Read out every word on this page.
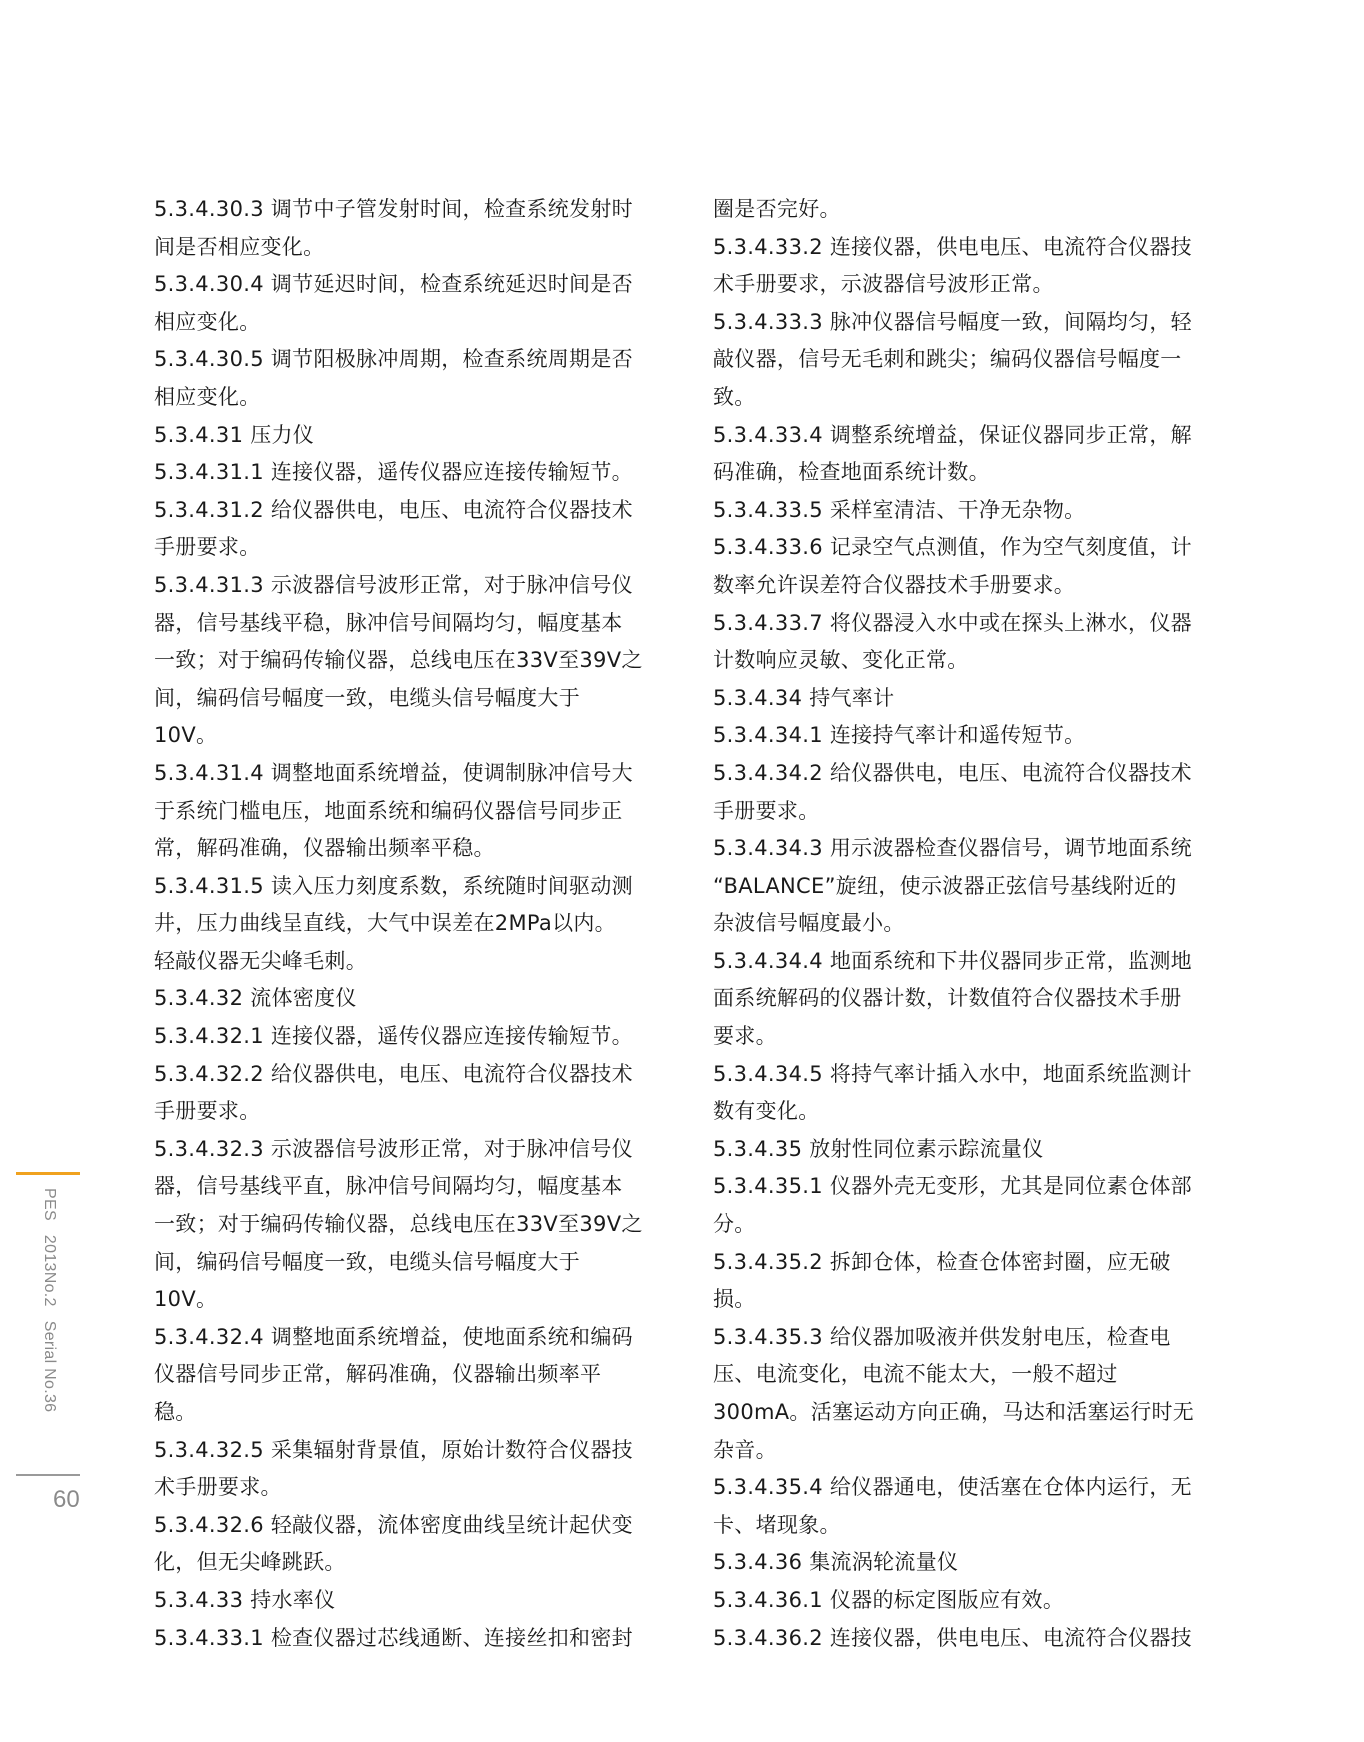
5.3.4.30.3 调节中子管发射时间，检查系统发射时

间是否相应变化。

5.3.4.30.4 调节延迟时间，检查系统延迟时间是否

相应变化。

5.3.4.30.5 调节阳极脉冲周期，检查系统周期是否

相应变化。

5.3.4.31 压力仪

5.3.4.31.1 连接仪器，遥传仪器应连接传输短节。

5.3.4.31.2 给仪器供电，电压、电流符合仪器技术

手册要求。

5.3.4.31.3 示波器信号波形正常，对于脉冲信号仪

器，信号基线平稳，脉冲信号间隔均匀，幅度基本

一致；对于编码传输仪器，总线电压在33V至39V之

间，编码信号幅度一致，电缆头信号幅度大于

10V。

5.3.4.31.4 调整地面系统增益，使调制脉冲信号大

于系统门槛电压，地面系统和编码仪器信号同步正

常，解码准确，仪器输出频率平稳。

5.3.4.31.5 读入压力刻度系数，系统随时间驱动测

井，压力曲线呈直线，大气中误差在2MPa以内。

轻敲仪器无尖峰毛刺。

5.3.4.32 流体密度仪

5.3.4.32.1 连接仪器，遥传仪器应连接传输短节。

5.3.4.32.2 给仪器供电，电压、电流符合仪器技术

手册要求。

5.3.4.32.3 示波器信号波形正常，对于脉冲信号仪

器，信号基线平直，脉冲信号间隔均匀，幅度基本

一致；对于编码传输仪器，总线电压在33V至39V之

间，编码信号幅度一致，电缆头信号幅度大于

10V。

5.3.4.32.4 调整地面系统增益，使地面系统和编码

仪器信号同步正常，解码准确，仪器输出频率平

稳。

5.3.4.32.5 采集辐射背景值，原始计数符合仪器技

术手册要求。

5.3.4.32.6 轻敲仪器，流体密度曲线呈统计起伏变

化，但无尖峰跳跃。

5.3.4.33 持水率仪

5.3.4.33.1 检查仪器过芯线通断、连接丝扣和密封

圈是否完好。

5.3.4.33.2 连接仪器，供电电压、电流符合仪器技

术手册要求，示波器信号波形正常。

5.3.4.33.3 脉冲仪器信号幅度一致，间隔均匀，轻

敲仪器，信号无毛刺和跳尖；编码仪器信号幅度一

致。

5.3.4.33.4 调整系统增益，保证仪器同步正常，解

码准确，检查地面系统计数。

5.3.4.33.5 采样室清洁、干净无杂物。

5.3.4.33.6 记录空气点测值，作为空气刻度值，计

数率允许误差符合仪器技术手册要求。

5.3.4.33.7 将仪器浸入水中或在探头上淋水，仪器

计数响应灵敏、变化正常。

5.3.4.34 持气率计

5.3.4.34.1 连接持气率计和遥传短节。

5.3.4.34.2 给仪器供电，电压、电流符合仪器技术

手册要求。

5.3.4.34.3 用示波器检查仪器信号，调节地面系统

“BALANCE”旋纽，使示波器正弦信号基线附近的

杂波信号幅度最小。

5.3.4.34.4 地面系统和下井仪器同步正常，监测地

面系统解码的仪器计数，计数值符合仪器技术手册

要求。

5.3.4.34.5 将持气率计插入水中，地面系统监测计

数有变化。

5.3.4.35 放射性同位素示踪流量仪

5.3.4.35.1 仪器外壳无变形，尤其是同位素仓体部

分。

5.3.4.35.2 拆卸仓体，检查仓体密封圈，应无破

损。

5.3.4.35.3 给仪器加吸液并供发射电压，检查电

压、电流变化，电流不能太大，一般不超过

300mA。活塞运动方向正确，马达和活塞运行时无

杂音。

5.3.4.35.4 给仪器通电，使活塞在仓体内运行，无

卡、堵现象。

5.3.4.36 集流涡轮流量仪

5.3.4.36.1 仪器的标定图版应有效。

5.3.4.36.2 连接仪器，供电电压、电流符合仪器技

PES2013No.2Serial No.36
60
